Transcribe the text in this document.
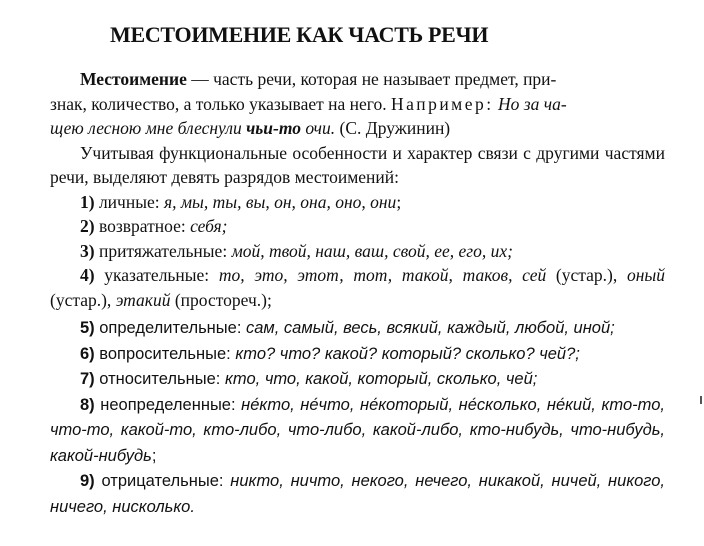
МЕСТОИМЕНИЕ КАК ЧАСТЬ РЕЧИ

Местоимение — часть речи, которая не называет предмет, при-
знак, количество, а только указывает на него. Например: Но за ча-
щею лесною мне блеснули чьи-то очи. (С. Дружинин)

Учитывая функциональные особенности и характер связи с другими частями речи, выделяют девять разрядов местоимений:

1) личные: я, мы, ты, вы, он, она, оно, они;

2) возвратное: себя;

3) притяжательные: мой, твой, наш, ваш, свой, ее, его, их;

4) указательные: то, это, этот, тот, такой, таков, сей (устар.), оный (устар.), этакий (простореч.);

5) определительные: сам, самый, весь, всякий, каждый, любой, иной;

6) вопросительные: кто? что? какой? который? сколько? чей?;

7) относительные: кто, что, какой, который, сколько, чей;

8) неопределенные: не́кто, не́что, не́который, не́сколько, не́кий, кто-то, что-то, какой-то, кто-либо, что-либо, какой-либо, кто-нибудь, что-нибудь, какой-нибудь;

9) отрицательные: никто, ничто, некого, нечего, никакой, ничей, никого, ничего, нисколько.
